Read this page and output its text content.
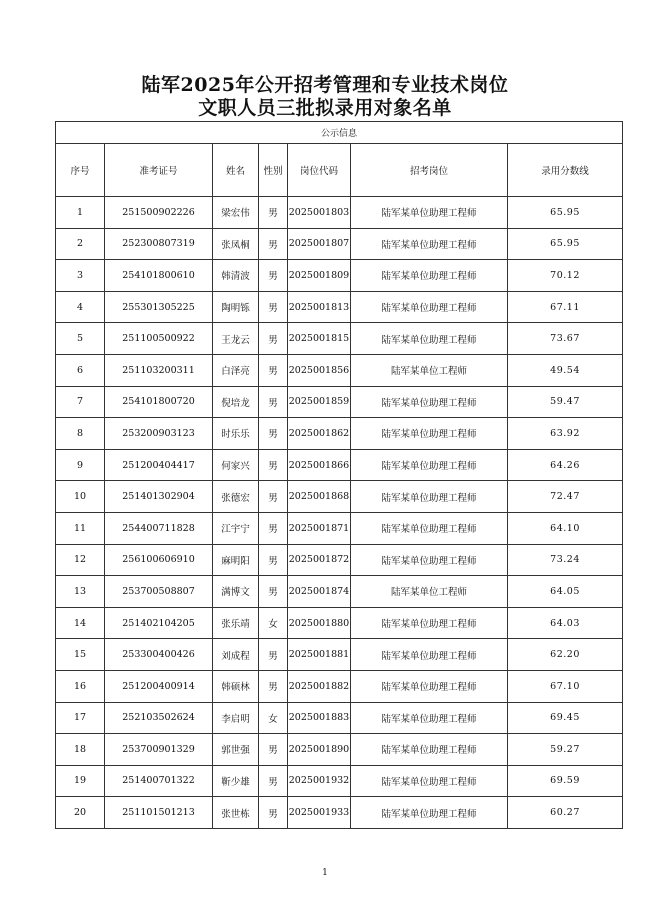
陆军2025年公开招考管理和专业技术岗位
文职人员三批拟录用对象名单
公示信息						
序号	准考证号	姓名	性别	岗位代码	招考岗位	录用分数线
1	251500902226	梁宏伟	男	2025001803	陆军某单位助理工程师	65.95
2	252300807319	张凤桐	男	2025001807	陆军某单位助理工程师	65.95
3	254101800610	韩清波	男	2025001809	陆军某单位助理工程师	70.12
4	255301305225	陶明铄	男	2025001813	陆军某单位助理工程师	67.11
5	251100500922	王龙云	男	2025001815	陆军某单位助理工程师	73.67
6	251103200311	白泽亮	男	2025001856	陆军某单位工程师	49.54
7	254101800720	倪培龙	男	2025001859	陆军某单位助理工程师	59.47
8	253200903123	时乐乐	男	2025001862	陆军某单位助理工程师	63.92
9	251200404417	何家兴	男	2025001866	陆军某单位助理工程师	64.26
10	251401302904	张德宏	男	2025001868	陆军某单位助理工程师	72.47
11	254400711828	江宇宁	男	2025001871	陆军某单位助理工程师	64.10
12	256100606910	麻明阳	男	2025001872	陆军某单位助理工程师	73.24
13	253700508807	满博文	男	2025001874	陆军某单位工程师	64.05
14	251402104205	张乐靖	女	2025001880	陆军某单位助理工程师	64.03
15	253300400426	刘成程	男	2025001881	陆军某单位助理工程师	62.20
16	251200400914	韩硕林	男	2025001882	陆军某单位助理工程师	67.10
17	252103502624	李启明	女	2025001883	陆军某单位助理工程师	69.45
18	253700901329	郭世强	男	2025001890	陆军某单位助理工程师	59.27
19	251400701322	靳少雄	男	2025001932	陆军某单位助理工程师	69.59
20	251101501213	张世栋	男	2025001933	陆军某单位助理工程师	60.27
1
